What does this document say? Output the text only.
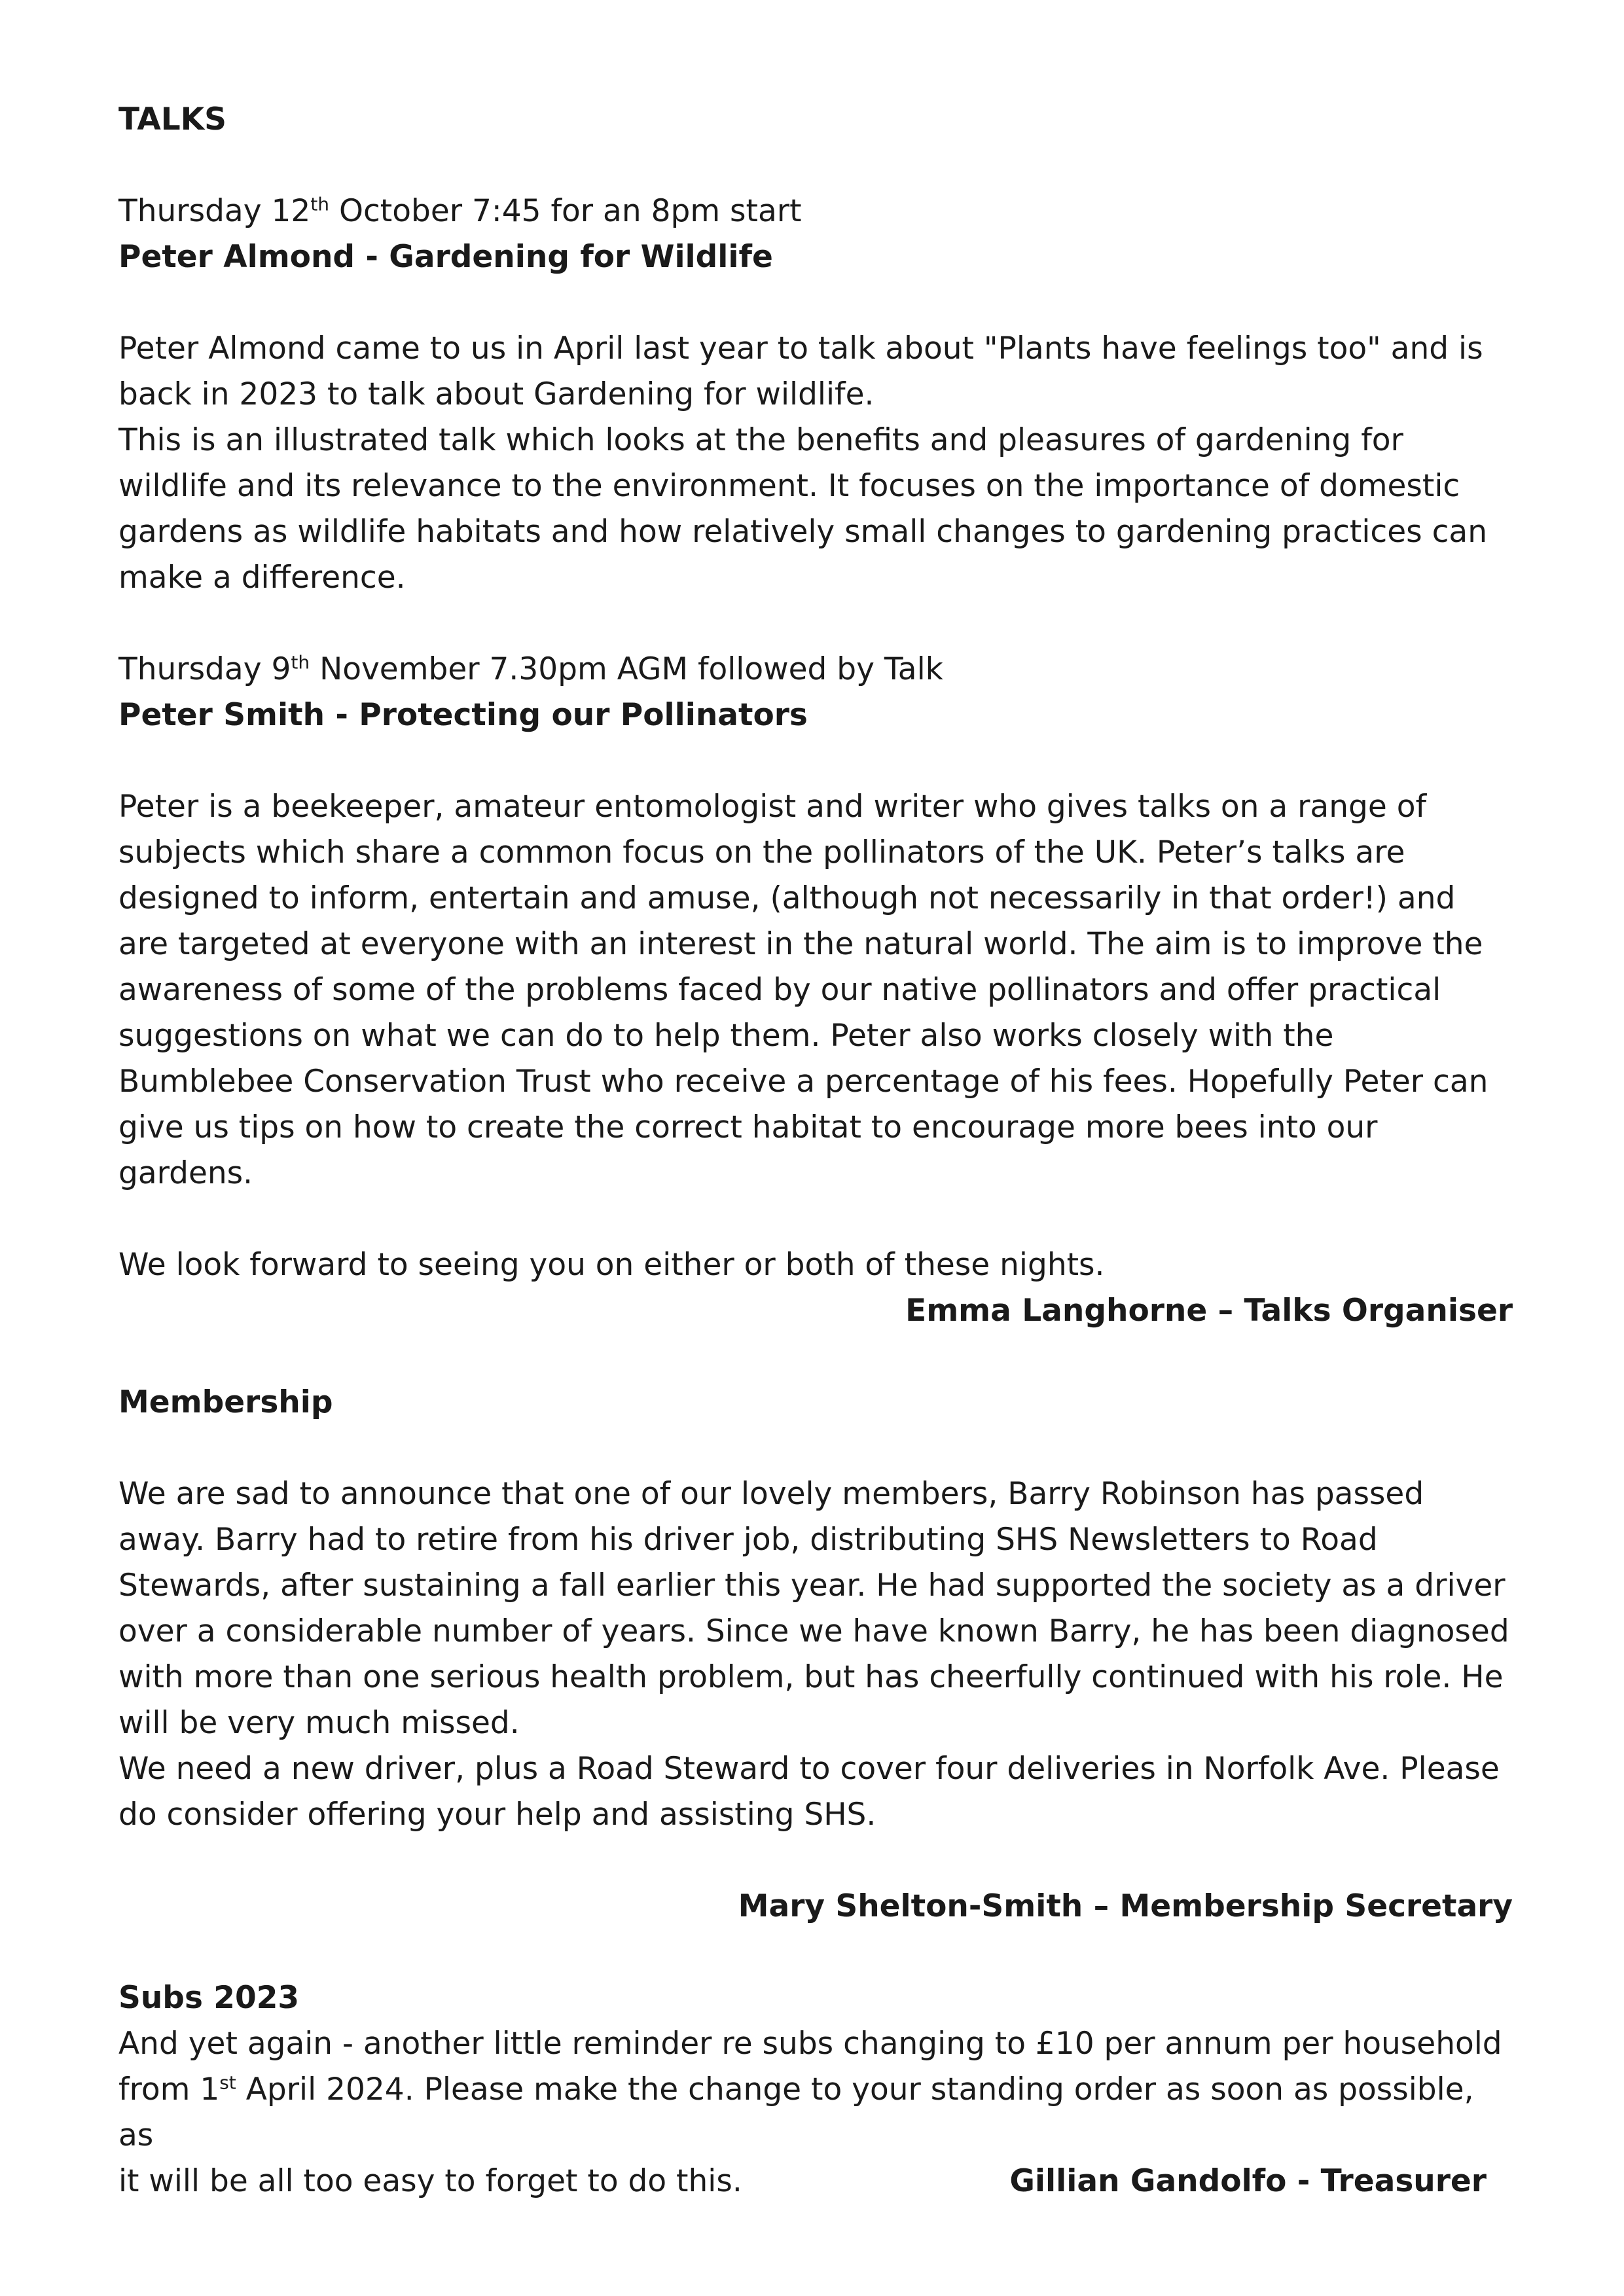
TALKS

Thursday 12th October 7:45 for an 8pm start

Peter Almond - Gardening for Wildlife

Peter Almond came to us in April last year to talk about "Plants have feelings too" and is back in 2023 to talk about Gardening for wildlife.

This is an illustrated talk which looks at the benefits and pleasures of gardening for wildlife and its relevance to the environment. It focuses on the importance of domestic gardens as wildlife habitats and how relatively small changes to gardening practices can make a difference.

Thursday 9th November 7.30pm AGM followed by Talk

Peter Smith - Protecting our Pollinators

Peter is a beekeeper, amateur entomologist and writer who gives talks on a range of subjects which share a common focus on the pollinators of the UK. Peter’s talks are designed to inform, entertain and amuse, (although not necessarily in that order!) and are targeted at everyone with an interest in the natural world. The aim is to improve the awareness of some of the problems faced by our native pollinators and offer practical suggestions on what we can do to help them. Peter also works closely with the Bumblebee Conservation Trust who receive a percentage of his fees. Hopefully Peter can give us tips on how to create the correct habitat to encourage more bees into our gardens.

We look forward to seeing you on either or both of these nights.

Emma Langhorne – Talks Organiser

Membership

We are sad to announce that one of our lovely members, Barry Robinson has passed away. Barry had to retire from his driver job, distributing SHS Newsletters to Road Stewards, after sustaining a fall earlier this year. He had supported the society as a driver over a considerable number of years. Since we have known Barry, he has been diagnosed with more than one serious health problem, but has cheerfully continued with his role. He will be very much missed.

We need a new driver, plus a Road Steward to cover four deliveries in Norfolk Ave. Please do consider offering your help and assisting SHS.

Mary Shelton-Smith – Membership Secretary

Subs 2023

And yet again - another little reminder re subs changing to £10 per annum per household

from 1st April 2024. Please make the change to your standing order as soon as possible, as

it will be all too easy to forget to do this.	Gillian Gandolfo - Treasurer
